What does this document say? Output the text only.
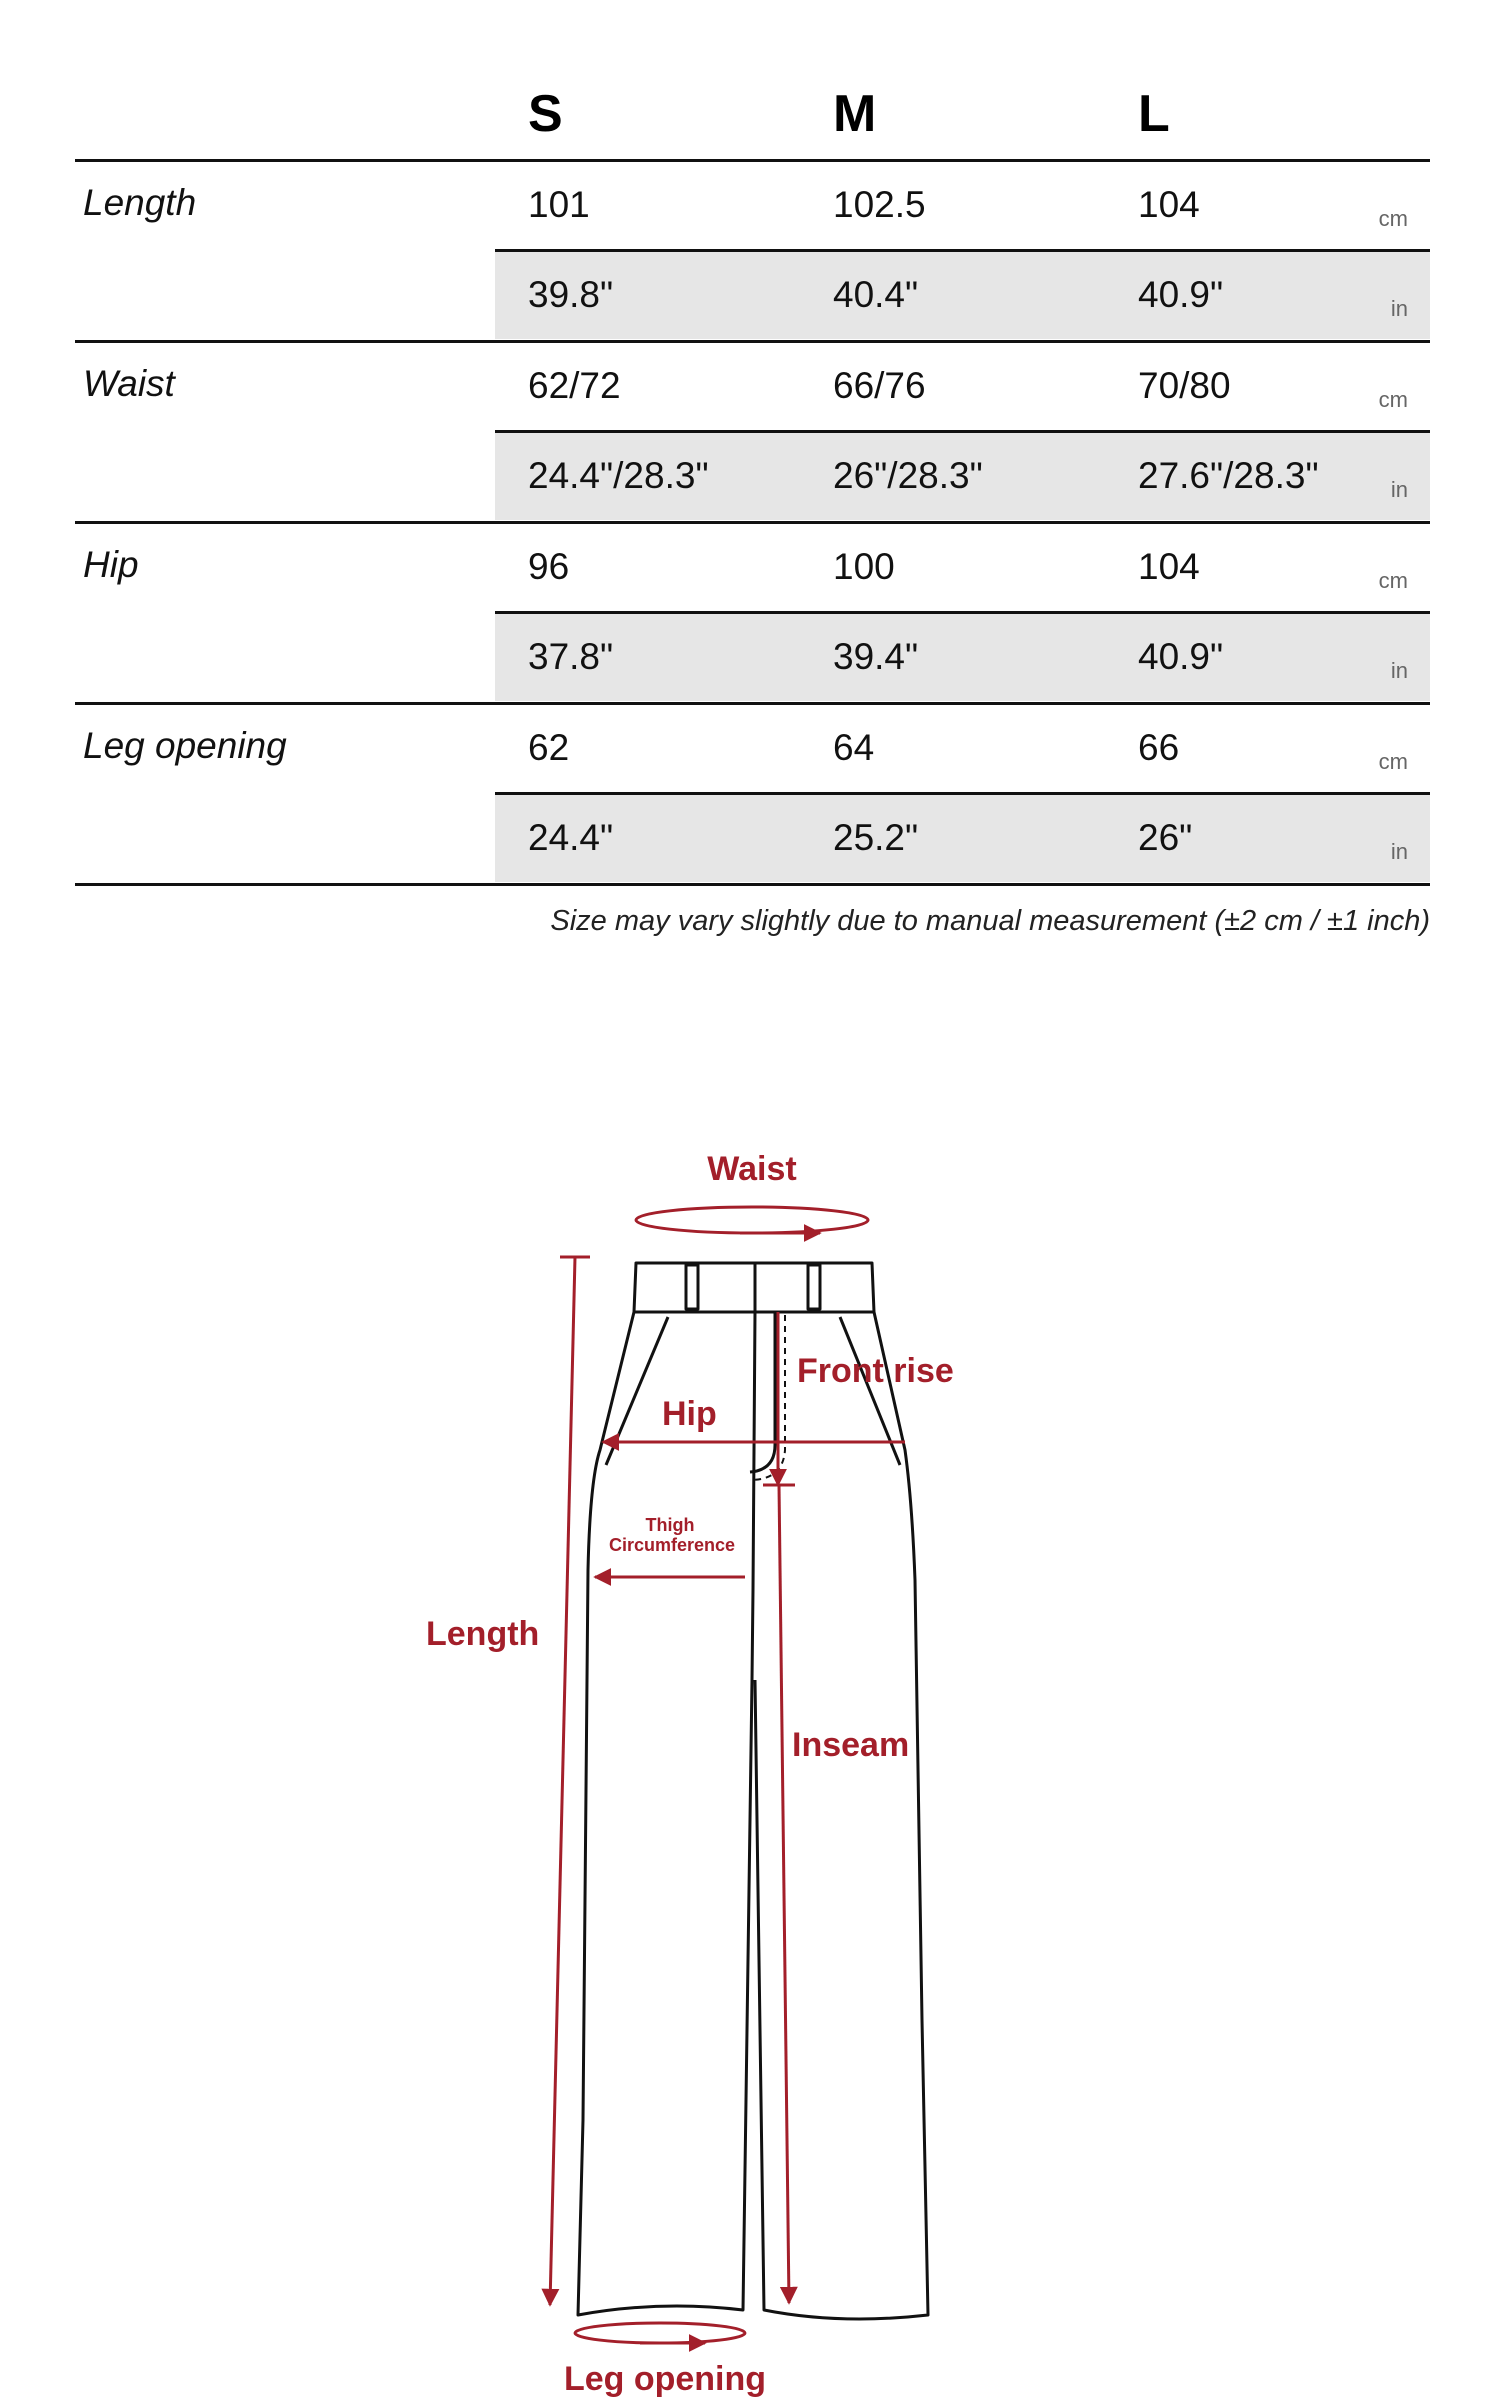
S	M	L
Length	101	102.5	104	cm
39.8"	40.4"	40.9"	in
Waist	62/72	66/76	70/80	cm
24.4"/28.3"	26"/28.3"	27.6"/28.3"	in
Hip	96	100	104	cm
37.8"	39.4"	40.9"	in
Leg opening	62	64	66	cm
24.4"	25.2"	26"	in
Size may vary slightly due to manual measurement (±2 cm / ±1 inch)
Waist
Front rise
Hip
Thigh
Circumference
Length
Inseam
Leg opening
